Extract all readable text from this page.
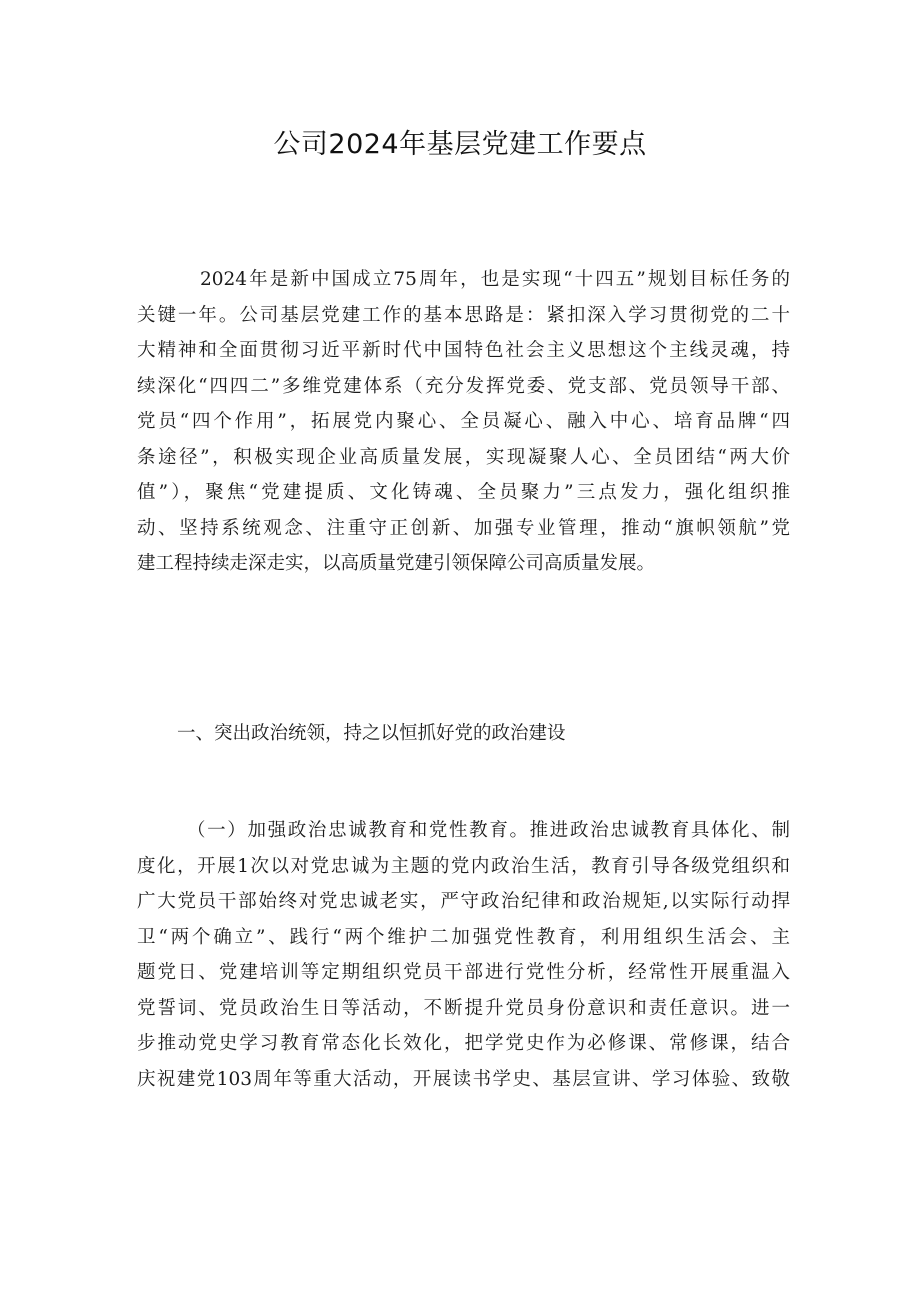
公司2024年基层党建工作要点
2024年是新中国成立75周年，也是实现“十四五”规划目标任务的
关键一年。公司基层党建工作的基本思路是：紧扣深入学习贯彻党的二十
大精神和全面贯彻习近平新时代中国特色社会主义思想这个主线灵魂，持
续深化“四四二”多维党建体系（充分发挥党委、党支部、党员领导干部、
党员“四个作用”，拓展党内聚心、全员凝心、融入中心、培育品牌“四
条途径”，积极实现企业高质量发展，实现凝聚人心、全员团结“两大价
值”），聚焦“党建提质、文化铸魂、全员聚力”三点发力，强化组织推
动、坚持系统观念、注重守正创新、加强专业管理，推动“旗帜领航”党
建工程持续走深走实，以高质量党建引领保障公司高质量发展。
一、突出政治统领，持之以恒抓好党的政治建设
（一）加强政治忠诚教育和党性教育。推进政治忠诚教育具体化、制
度化，开展1次以对党忠诚为主题的党内政治生活，教育引导各级党组织和
广大党员干部始终对党忠诚老实，严守政治纪律和政治规矩,以实际行动捍
卫“两个确立”、践行“两个维护二加强党性教育，利用组织生活会、主
题党日、党建培训等定期组织党员干部进行党性分析，经常性开展重温入
党誓词、党员政治生日等活动，不断提升党员身份意识和责任意识。进一
步推动党史学习教育常态化长效化，把学党史作为必修课、常修课，结合
庆祝建党103周年等重大活动，开展读书学史、基层宣讲、学习体验、致敬
